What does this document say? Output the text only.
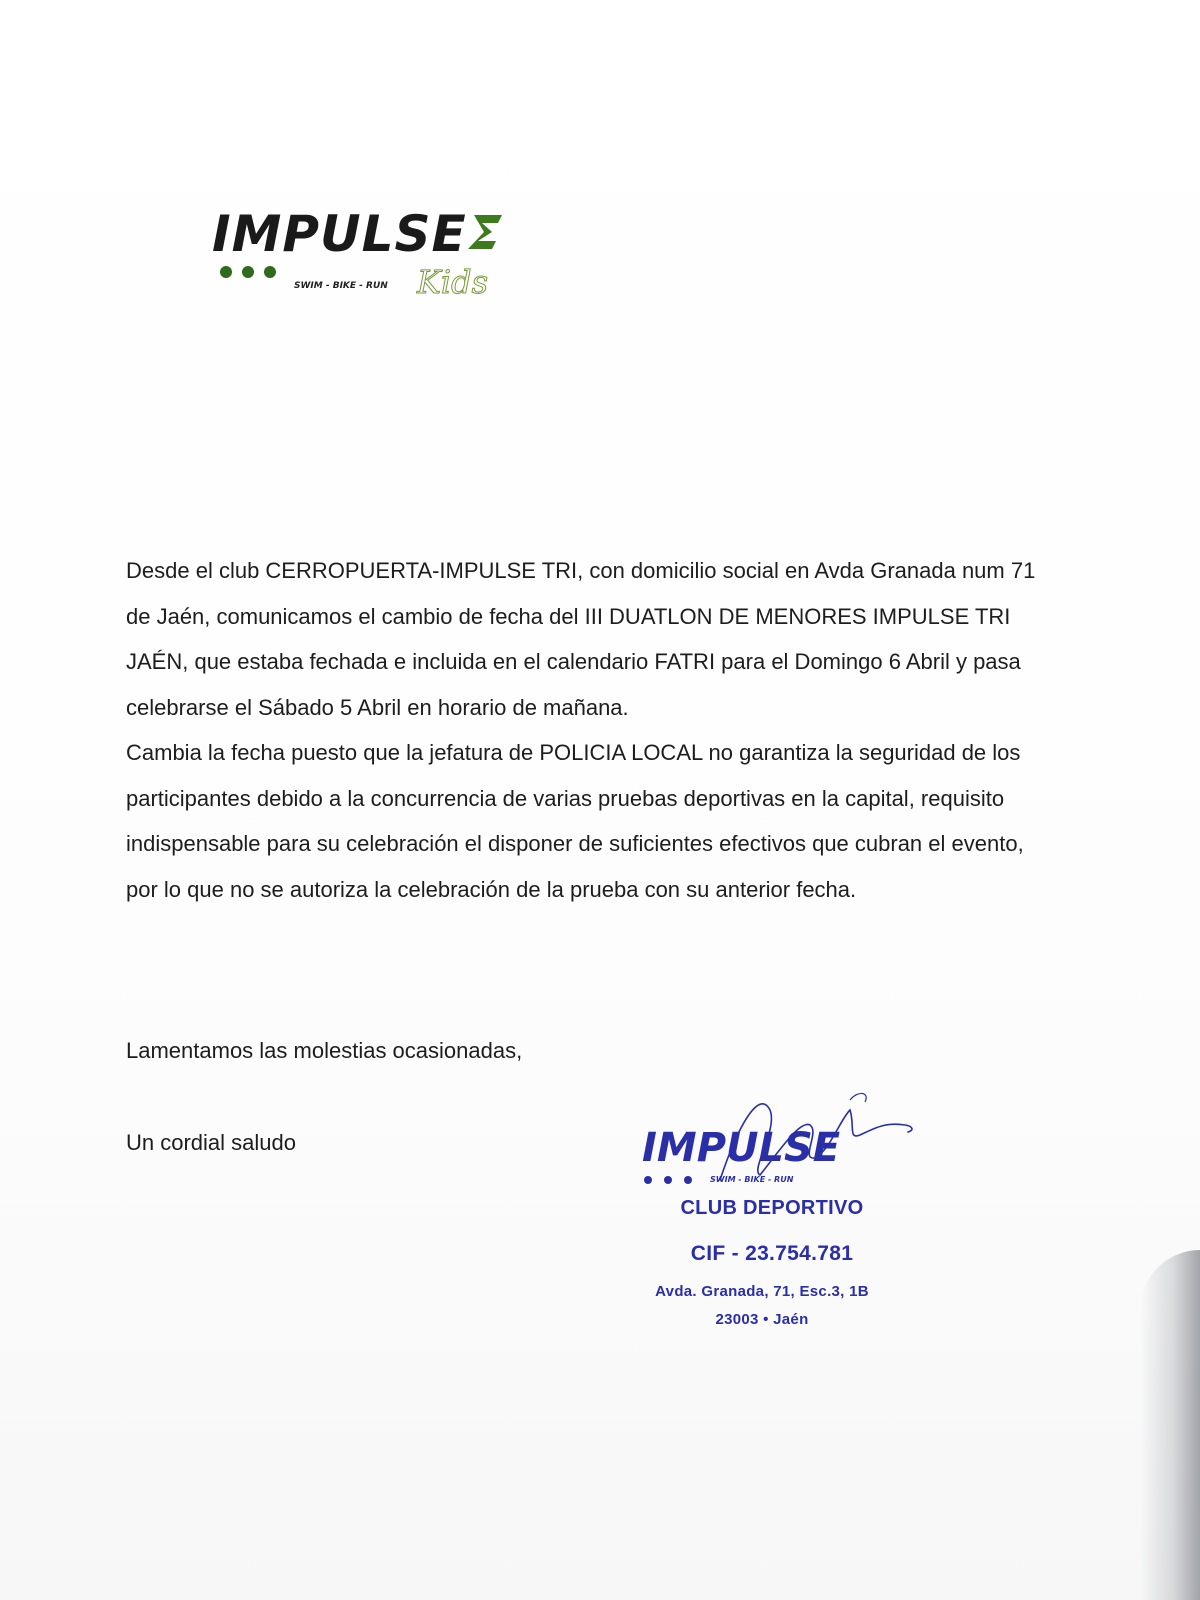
IMPULSE
SWIM - BIKE - RUN Kids

Desde el club CERROPUERTA-IMPULSE TRI, con domicilio social en Avda Granada num 71 de Jaén, comunicamos el cambio de fecha del III DUATLON DE MENORES IMPULSE TRI JAÉN, que estaba fechada e incluida en el calendario FATRI para el Domingo 6 Abril y pasa celebrarse el Sábado 5 Abril en horario de mañana.

Cambia la fecha puesto que la jefatura de POLICIA LOCAL no garantiza la seguridad de los participantes debido a la concurrencia de varias pruebas deportivas en la capital, requisito indispensable para su celebración el disponer de suficientes efectivos que cubran el evento, por lo que no se autoriza la celebración de la prueba con su anterior fecha.

Lamentamos las molestias ocasionadas,
Un cordial saludo	IMPULSE
SWIM - BIKE - RUN
CLUB DEPORTIVO
CIF - 23.754.781
Avda. Granada, 71, Esc.3, 1B
23003 • Jaén
